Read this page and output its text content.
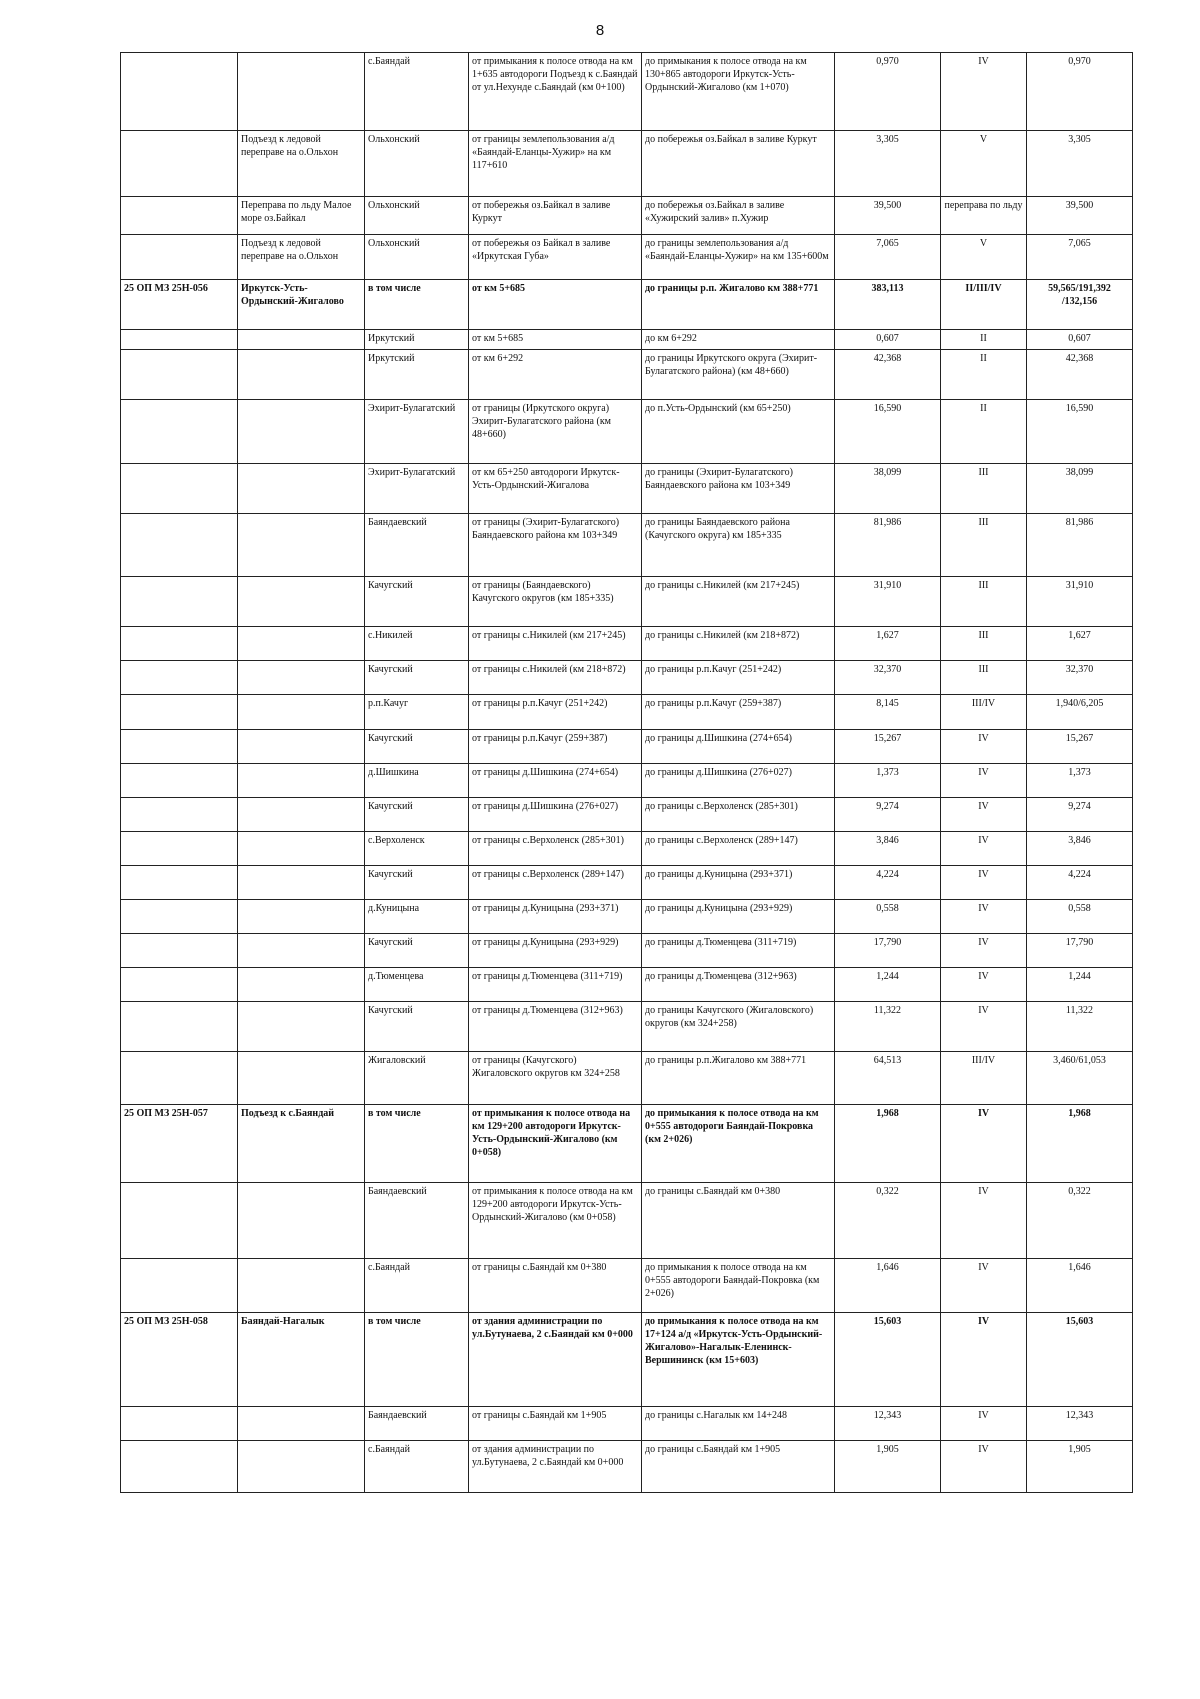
8
		с.Баяндай	от примыкания к полосе отвода на км 1+635 автодороги Подъезд к с.Баяндай от ул.Нехунде с.Баяндай (км 0+100)	до примыкания к полосе отвода на км 130+865 автодороги Иркутск-Усть-Ордынский-Жигалово (км 1+070)	0,970	IV	0,970
	Подъезд к ледовой переправе на о.Ольхон	Ольхонский	от границы землепользования а/д «Баяндай-Еланцы-Хужир» на км 117+610	до побережья оз.Байкал в заливе Куркут	3,305	V	3,305
	Переправа по льду Малое море оз.Байкал	Ольхонский	от побережья оз.Байкал в заливе Куркут	до побережья оз.Байкал в заливе «Хужирский залив» п.Хужир	39,500	переправа по льду	39,500
	Подъезд к ледовой переправе на о.Ольхон	Ольхонский	от побережья оз Байкал в заливе «Иркутская Губа»	до границы землепользования а/д «Баяндай-Еланцы-Хужир» на км 135+600м	7,065	V	7,065
25 ОП МЗ 25Н-056	Иркутск-Усть-Ордынский-Жигалово	в том числе	от км 5+685	до границы р.п. Жигалово км 388+771	383,113	II/III/IV	59,565/191,392 /132,156
		Иркутский	от км 5+685	до км 6+292	0,607	II	0,607
		Иркутский	от км 6+292	до границы Иркутского округа (Эхирит-Булагатского района) (км 48+660)	42,368	II	42,368
		Эхирит-Булагатский	от границы (Иркутского округа) Эхирит-Булагатского района (км 48+660)	до п.Усть-Ордынский (км 65+250)	16,590	II	16,590
		Эхирит-Булагатский	от км 65+250 автодороги Иркутск-Усть-Ордынский-Жигалова	до границы (Эхирит-Булагатского) Баяндаевского района км 103+349	38,099	III	38,099
		Баяндаевский	от границы (Эхирит-Булагатского) Баяндаевского района км 103+349	до границы Баяндаевского района (Качугского округа) км 185+335	81,986	III	81,986
		Качугский	от границы (Баяндаевского) Качугского округов (км 185+335)	до границы с.Никилей (км 217+245)	31,910	III	31,910
		с.Никилей	от границы с.Никилей (км 217+245)	до границы с.Никилей (км 218+872)	1,627	III	1,627
		Качугский	от границы с.Никилей (км 218+872)	до границы р.п.Качуг (251+242)	32,370	III	32,370
		р.п.Качуг	от границы р.п.Качуг (251+242)	до границы р.п.Качуг (259+387)	8,145	III/IV	1,940/6,205
		Качугский	от границы р.п.Качуг (259+387)	до границы д.Шишкина (274+654)	15,267	IV	15,267
		д.Шишкина	от границы д.Шишкина (274+654)	до границы д.Шишкина (276+027)	1,373	IV	1,373
		Качугский	от границы д.Шишкина (276+027)	до границы с.Верхоленск (285+301)	9,274	IV	9,274
		с.Верхоленск	от границы с.Верхоленск (285+301)	до границы с.Верхоленск (289+147)	3,846	IV	3,846
		Качугский	от границы с.Верхоленск (289+147)	до границы д.Куницына (293+371)	4,224	IV	4,224
		д.Куницына	от границы д.Куницына (293+371)	до границы д.Куницына (293+929)	0,558	IV	0,558
		Качугский	от границы д.Куницына (293+929)	до границы д.Тюменцева (311+719)	17,790	IV	17,790
		д.Тюменцева	от границы д.Тюменцева (311+719)	до границы д.Тюменцева (312+963)	1,244	IV	1,244
		Качугский	от границы д.Тюменцева (312+963)	до границы Качугского (Жигаловского) округов (км 324+258)	11,322	IV	11,322
		Жигаловский	от границы (Качугского) Жигаловского округов км 324+258	до границы р.п.Жигалово км 388+771	64,513	III/IV	3,460/61,053
25 ОП МЗ 25Н-057	Подъезд к с.Баяндай	в том числе	от примыкания к полосе отвода на км 129+200 автодороги Иркутск-Усть-Ордынский-Жигалово (км 0+058)	до примыкания к полосе отвода на км 0+555 автодороги Баяндай-Покровка (км 2+026)	1,968	IV	1,968
		Баяндаевский	от примыкания к полосе отвода на км 129+200 автодороги Иркутск-Усть-Ордынский-Жигалово (км 0+058)	до границы с.Баяндай км 0+380	0,322	IV	0,322
		с.Баяндай	от границы с.Баяндай км 0+380	до примыкания к полосе отвода на км 0+555 автодороги Баяндай-Покровка (км 2+026)	1,646	IV	1,646
25 ОП МЗ 25Н-058	Баяндай-Нагалык	в том числе	от здания администрации по ул.Бутунаева, 2 с.Баяндай км 0+000	до примыкания к полосе отвода на км 17+124 а/д «Иркутск-Усть-Ордынский-Жигалово»-Нагалык-Еленинск-Вершининск (км 15+603)	15,603	IV	15,603
		Баяндаевский	от границы с.Баяндай км 1+905	до границы с.Нагалык км 14+248	12,343	IV	12,343
		с.Баяндай	от здания администрации по ул.Бутунаева, 2 с.Баяндай км 0+000	до границы с.Баяндай км 1+905	1,905	IV	1,905
